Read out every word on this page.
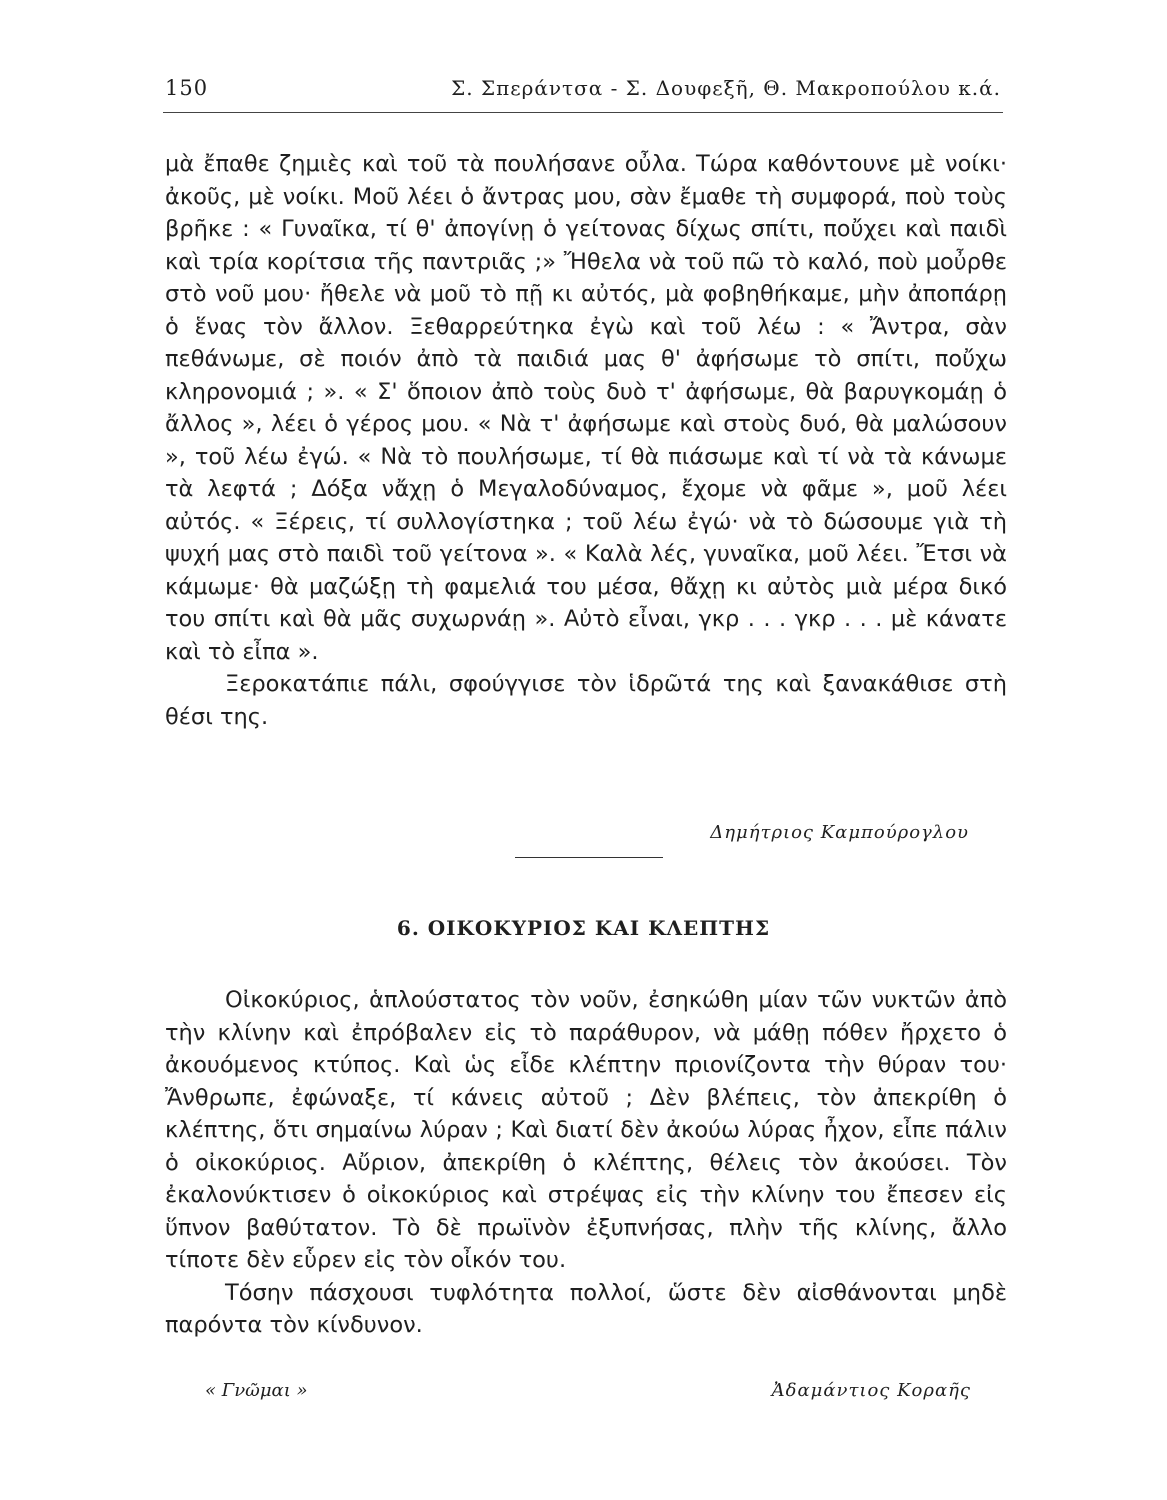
150	Σ. Σπεράντσα - Σ. Δουφεξῆ, Θ. Μακροπούλου κ.ά.

μὰ ἔπαθε ζημιὲς καὶ τοῦ τὰ πουλήσανε οὖλα. Τώρα καθόντουνε μὲ νοίκι· ἀκοῦς, μὲ νοίκι. Μοῦ λέει ὁ ἄντρας μου, σὰν ἔμαθε τὴ συμφορά, ποὺ τοὺς βρῆκε : « Γυναῖκα, τί θ' ἀπογίνῃ ὁ γείτονας δίχως σπίτι, ποὔχει καὶ παιδὶ καὶ τρία κορίτσια τῆς παντριᾶς ;» Ἤθελα νὰ τοῦ πῶ τὸ καλό, ποὺ μοὖρθε στὸ νοῦ μου· ἤθελε νὰ μοῦ τὸ πῇ κι αὐτός, μὰ φοβηθήκαμε, μὴν ἀποπάρῃ ὁ ἕνας τὸν ἄλλον. Ξεθαρρεύτηκα ἐγὼ καὶ τοῦ λέω : « Ἄντρα, σὰν πεθάνωμε, σὲ ποιόν ἀπὸ τὰ παιδιά μας θ' ἀφήσωμε τὸ σπίτι, ποὔχω κληρονομιά ; ». « Σ' ὅποιον ἀπὸ τοὺς δυὸ τ' ἀφήσωμε, θὰ βαρυγκομάῃ ὁ ἄλλος », λέει ὁ γέρος μου. « Νὰ τ' ἀφήσωμε καὶ στοὺς δυό, θὰ μαλώσουν », τοῦ λέω ἐγώ. « Νὰ τὸ πουλήσωμε, τί θὰ πιάσωμε καὶ τί νὰ τὰ κάνωμε τὰ λεφτά ; Δόξα νἄχῃ ὁ Μεγαλοδύναμος, ἔχομε νὰ φᾶμε », μοῦ λέει αὐτός. « Ξέρεις, τί συλλογίστηκα ; τοῦ λέω ἐγώ· νὰ τὸ δώσουμε γιὰ τὴ ψυχή μας στὸ παιδὶ τοῦ γείτονα ». « Καλὰ λές, γυναῖκα, μοῦ λέει. Ἔτσι νὰ κάμωμε· θὰ μαζώξῃ τὴ φαμελιά του μέσα, θἄχῃ κι αὐτὸς μιὰ μέρα δικό του σπίτι καὶ θὰ μᾶς συχωρνάῃ ». Αὐτὸ εἶναι, γκρ . . . γκρ . . . μὲ κάνατε καὶ τὸ εἶπα ».

Ξεροκατάπιε πάλι, σφούγγισε τὸν ἱδρῶτά της καὶ ξανακάθισε στὴ θέσι της.

Δημήτριος Καμπούρογλου
6. ΟΙΚΟΚΥΡΙΟΣ ΚΑΙ ΚΛΕΠΤΗΣ

Οἰκοκύριος, ἁπλούστατος τὸν νοῦν, ἐσηκώθη μίαν τῶν νυκτῶν ἀπὸ τὴν κλίνην καὶ ἐπρόβαλεν εἰς τὸ παράθυρον, νὰ μάθῃ πόθεν ἤρχετο ὁ ἀκουόμενος κτύπος. Καὶ ὡς εἶδε κλέπτην πριονίζοντα τὴν θύραν του· Ἄνθρωπε, ἐφώναξε, τί κάνεις αὐτοῦ ; Δὲν βλέπεις, τὸν ἀπεκρίθη ὁ κλέπτης, ὅτι σημαίνω λύραν ; Καὶ διατί δὲν ἀκούω λύρας ἦχον, εἶπε πάλιν ὁ οἰκοκύριος. Αὔριον, ἀπεκρίθη ὁ κλέπτης, θέλεις τὸν ἀκούσει. Τὸν ἐκαλονύκτισεν ὁ οἰκοκύριος καὶ στρέψας εἰς τὴν κλίνην του ἔπεσεν εἰς ὕπνον βαθύτατον. Τὸ δὲ πρωϊνὸν ἐξυπνήσας, πλὴν τῆς κλίνης, ἄλλο τίποτε δὲν εὗρεν εἰς τὸν οἶκόν του.

Τόσην πάσχουσι τυφλότητα πολλοί, ὥστε δὲν αἰσθάνονται μηδὲ παρόντα τὸν κίνδυνον.

« Γνῶμαι »	Ἀδαμάντιος Κοραῆς
